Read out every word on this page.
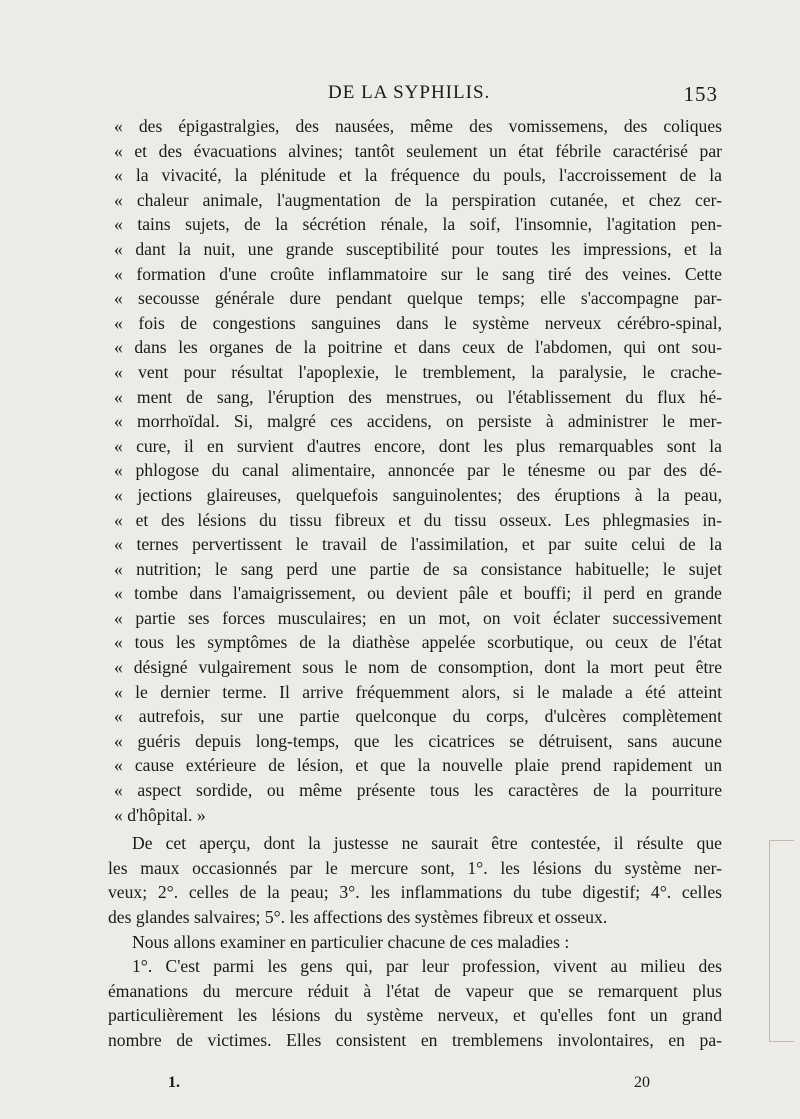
DE LA SYPHILIS.	153
« des épigastralgies, des nausées, même des vomissemens, des coliques
« et des évacuations alvines; tantôt seulement un état fébrile caractérisé par
« la vivacité, la plénitude et la fréquence du pouls, l'accroissement de la
« chaleur animale, l'augmentation de la perspiration cutanée, et chez cer-
« tains sujets, de la sécrétion rénale, la soif, l'insomnie, l'agitation pen-
« dant la nuit, une grande susceptibilité pour toutes les impressions, et la
« formation d'une croûte inflammatoire sur le sang tiré des veines. Cette
« secousse générale dure pendant quelque temps; elle s'accompagne par-
« fois de congestions sanguines dans le système nerveux cérébro-spinal,
« dans les organes de la poitrine et dans ceux de l'abdomen, qui ont sou-
« vent pour résultat l'apoplexie, le tremblement, la paralysie, le crache-
« ment de sang, l'éruption des menstrues, ou l'établissement du flux hé-
« morrhoïdal. Si, malgré ces accidens, on persiste à administrer le mer-
« cure, il en survient d'autres encore, dont les plus remarquables sont la
« phlogose du canal alimentaire, annoncée par le ténesme ou par des dé-
« jections glaireuses, quelquefois sanguinolentes; des éruptions à la peau,
« et des lésions du tissu fibreux et du tissu osseux. Les phlegmasies in-
« ternes pervertissent le travail de l'assimilation, et par suite celui de la
« nutrition; le sang perd une partie de sa consistance habituelle; le sujet
« tombe dans l'amaigrissement, ou devient pâle et bouffi; il perd en grande
« partie ses forces musculaires; en un mot, on voit éclater successivement
« tous les symptômes de la diathèse appelée scorbutique, ou ceux de l'état
« désigné vulgairement sous le nom de consomption, dont la mort peut être
« le dernier terme. Il arrive fréquemment alors, si le malade a été atteint
« autrefois, sur une partie quelconque du corps, d'ulcères complètement
« guéris depuis long-temps, que les cicatrices se détruisent, sans aucune
« cause extérieure de lésion, et que la nouvelle plaie prend rapidement un
« aspect sordide, ou même présente tous les caractères de la pourriture
« d'hôpital. »
De cet aperçu, dont la justesse ne saurait être contestée, il résulte que
les maux occasionnés par le mercure sont, 1°. les lésions du système ner-
veux; 2°. celles de la peau; 3°. les inflammations du tube digestif; 4°. celles
des glandes salvaires; 5°. les affections des systèmes fibreux et osseux.
Nous allons examiner en particulier chacune de ces maladies :
1°. C'est parmi les gens qui, par leur profession, vivent au milieu des
émanations du mercure réduit à l'état de vapeur que se remarquent plus
particulièrement les lésions du système nerveux, et qu'elles font un grand
nombre de victimes. Elles consistent en tremblemens involontaires, en pa-
1.	20
